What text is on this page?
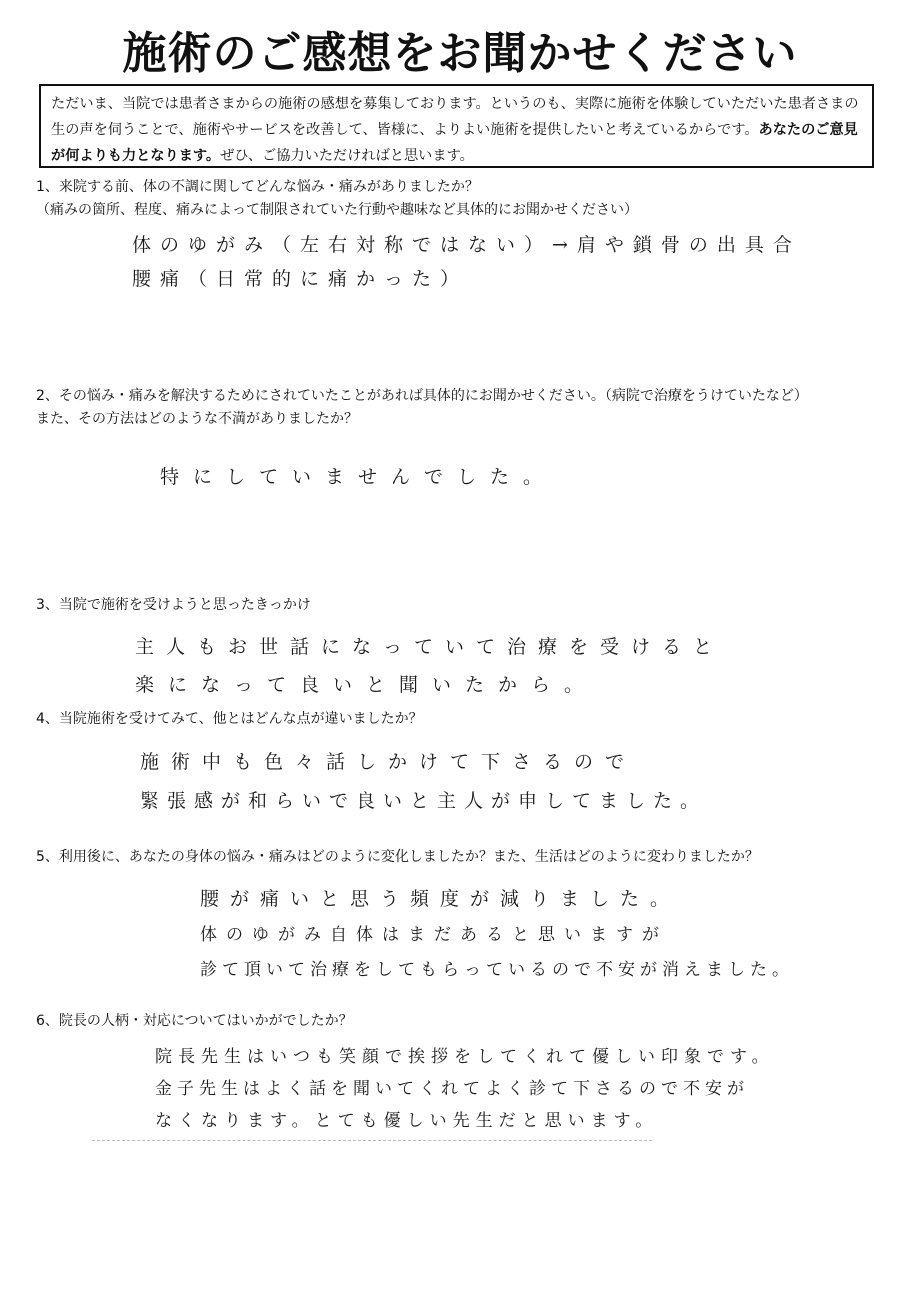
施術のご感想をお聞かせください
ただいま、当院では患者さまからの施術の感想を募集しております。というのも、実際に施術を体験していただいた患者さまの生の声を伺うことで、施術やサービスを改善して、皆様に、よりよい施術を提供したいと考えているからです。あなたのご意見が何よりも力となります。ぜひ、ご協力いただければと思います。
1、来院する前、体の不調に関してどんな悩み・痛みがありましたか？
（痛みの箇所、程度、痛みによって制限されていた行動や趣味など具体的にお聞かせください）
体のゆがみ（左右対称ではない）→肩や鎖骨の出具合
腰痛（日常的に痛かった）
2、その悩み・痛みを解決するためにされていたことがあれば具体的にお聞かせください。（病院で治療をうけていたなど）
また、その方法はどのような不満がありましたか？
特にしていませんでした。
3、当院で施術を受けようと思ったきっかけ
主人もお世話になっていて治療を受けると
楽になって良いと聞いたから。
4、当院施術を受けてみて、他とはどんな点が違いましたか？
施術中も色々話しかけて下さるので
緊張感が和らいで良いと主人が申してました。
5、利用後に、あなたの身体の悩み・痛みはどのように変化しましたか？また、生活はどのように変わりましたか？
腰が痛いと思う頻度が減りました。
体のゆがみ自体はまだあると思いますが
診て頂いて治療をしてもらっているので不安が消えました。
6、院長の人柄・対応についてはいかがでしたか？
院長先生はいつも笑顔で挨拶をしてくれて優しい印象です。
金子先生はよく話を聞いてくれてよく診て下さるので不安が
なくなります。とても優しい先生だと思います。
